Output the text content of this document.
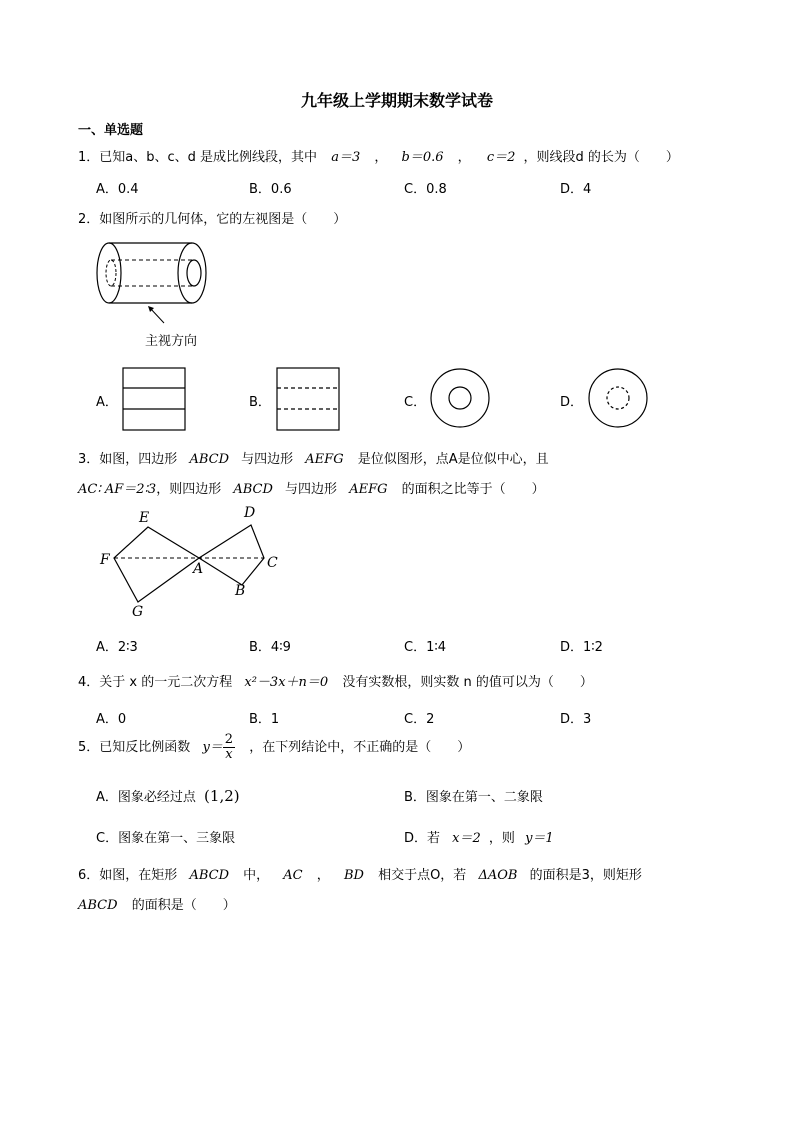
九年级上学期期末数学试卷
一、单选题
1．已知a、b、c、d 是成比例线段，其中 a＝3 ， b＝0.6 ， c＝2 ，则线段d 的长为（　　）
A．0.4	B．0.6	C．0.8	D．4
2．如图所示的几何体，它的左视图是（　　）
主视方向
A．	B．	C．	D．
3．如图，四边形 ABCD 与四边形 AEFG 是位似图形，点A是位似中心，且
AC∶ AF＝2∶3，则四边形 ABCD 与四边形 AEFG 的面积之比等于（　　）
E	D
F
A	C
G
B
A．2∶3	B．4∶9	C．1∶4	D．1∶2
4．关于 x 的一元二次方程 x²－3x＋n＝0 没有实数根，则实数 n 的值可以为（　　）
A．0	B．1	C．2	D．3
5．已知反比例函数 $y= \frac{2}{x}$ ，在下列结论中，不正确的是（　　）
A．图象必经过点 (1,2)	B．图象在第一、二象限
C．图象在第一、三象限	D．若 x＝2 ，则 y＝1
6．如图，在矩形 ABCD 中， AC ， BD 相交于点O，若 ΔAOB 的面积是3，则矩形
ABCD 的面积是（　　）
